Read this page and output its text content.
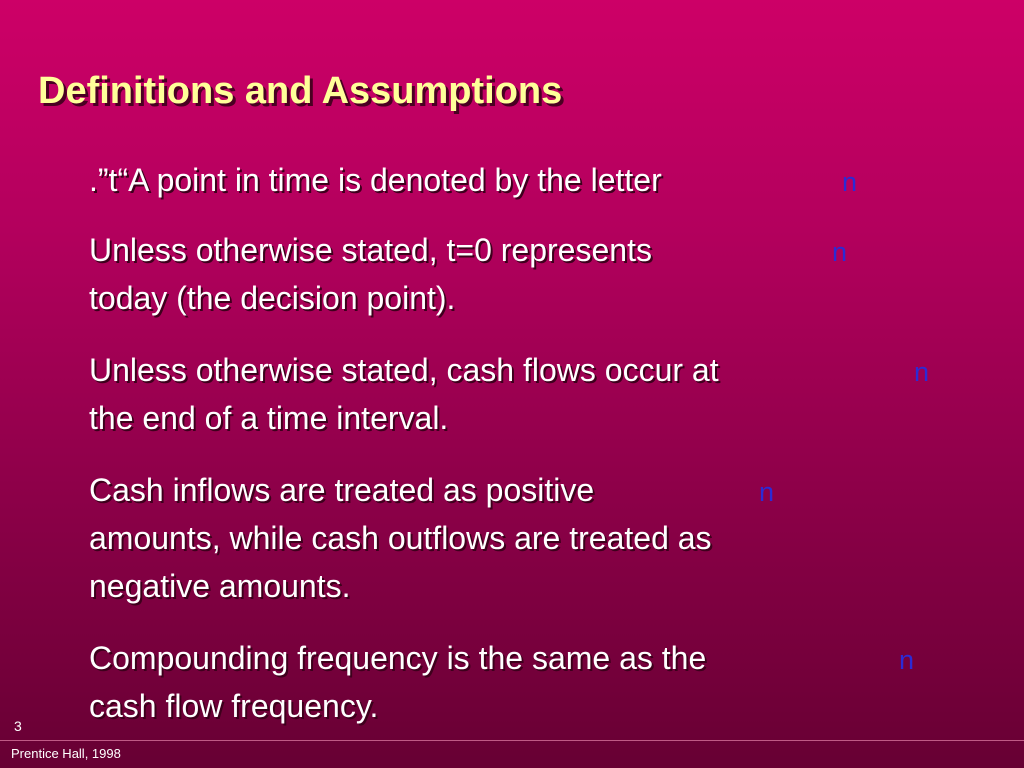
Definitions and Assumptions

.”t“A point in time is denoted by the letter	n

Unless otherwise stated, t=0 represents

today (the decision point).

n

Unless otherwise stated, cash flows occur at

the end of a time interval.

n

Cash inflows are treated as positive

amounts, while cash outflows are treated as

negative amounts.

n

Compounding frequency is the same as the

cash flow frequency.

n
3
Prentice Hall, 1998
